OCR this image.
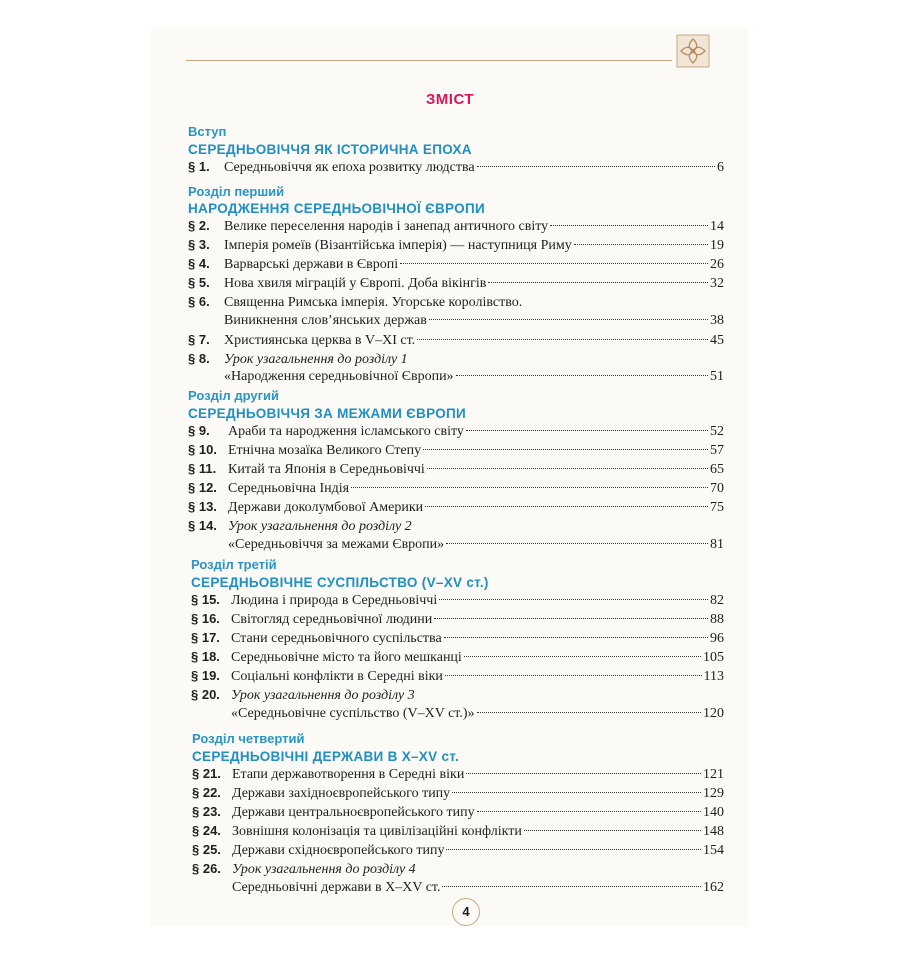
ЗМІСТ
Вступ
СЕРЕДНЬОВІЧЧЯ ЯК ІСТОРИЧНА ЕПОХА
§ 1.	Середньовіччя як епоха розвитку людства	6
Розділ перший
НАРОДЖЕННЯ СЕРЕДНЬОВІЧНОЇ ЄВРОПИ
§ 2.	Велике переселення народів і занепад античного світу	14
§ 3.	Імперія ромеїв (Візантійська імперія) — наступниця Риму	19
§ 4.	Варварські держави в Європі	26
§ 5.	Нова хвиля міграцій у Європі. Доба вікінгів	32
§ 6.	Священна Римська імперія. Угорське королівство.
Виникнення слов’янських держав	38
§ 7.	Християнська церква в V–XI ст.	45
§ 8.	Урок узагальнення до розділу 1
«Народження середньовічної Європи»	51
Розділ другий
СЕРЕДНЬОВІЧЧЯ ЗА МЕЖАМИ ЄВРОПИ
§ 9.	Араби та народження ісламського світу	52
§ 10. Етнічна мозаїка Великого Степу	57
§ 11. Китай та Японія в Середньовіччі	65
§ 12. Середньовічна Індія	70
§ 13. Держави доколумбової Америки	75
§ 14. Урок узагальнення до розділу 2
«Середньовіччя за межами Європи»	81
Розділ третій
СЕРЕДНЬОВІЧНЕ СУСПІЛЬСТВО (V–XV ст.)
§ 15. Людина і природа в Середньовіччі	82
§ 16. Світогляд середньовічної людини	88
§ 17. Стани середньовічного суспільства	96
§ 18. Середньовічне місто та його мешканці	105
§ 19. Соціальні конфлікти в Середні віки	113
§ 20. Урок узагальнення до розділу 3
«Середньовічне суспільство (V–XV ст.)»	120
Розділ четвертий
СЕРЕДНЬОВІЧНІ ДЕРЖАВИ В X–XV ст.
§ 21. Етапи державотворення в Середні віки	121
§ 22. Держави західноєвропейського типу	129
§ 23. Держави центральноєвропейського типу	140
§ 24. Зовнішня колонізація та цивілізаційні конфлікти	148
§ 25. Держави східноєвропейського типу	154
§ 26. Урок узагальнення до розділу 4
Середньовічні держави в X–XV ст.	162
4
